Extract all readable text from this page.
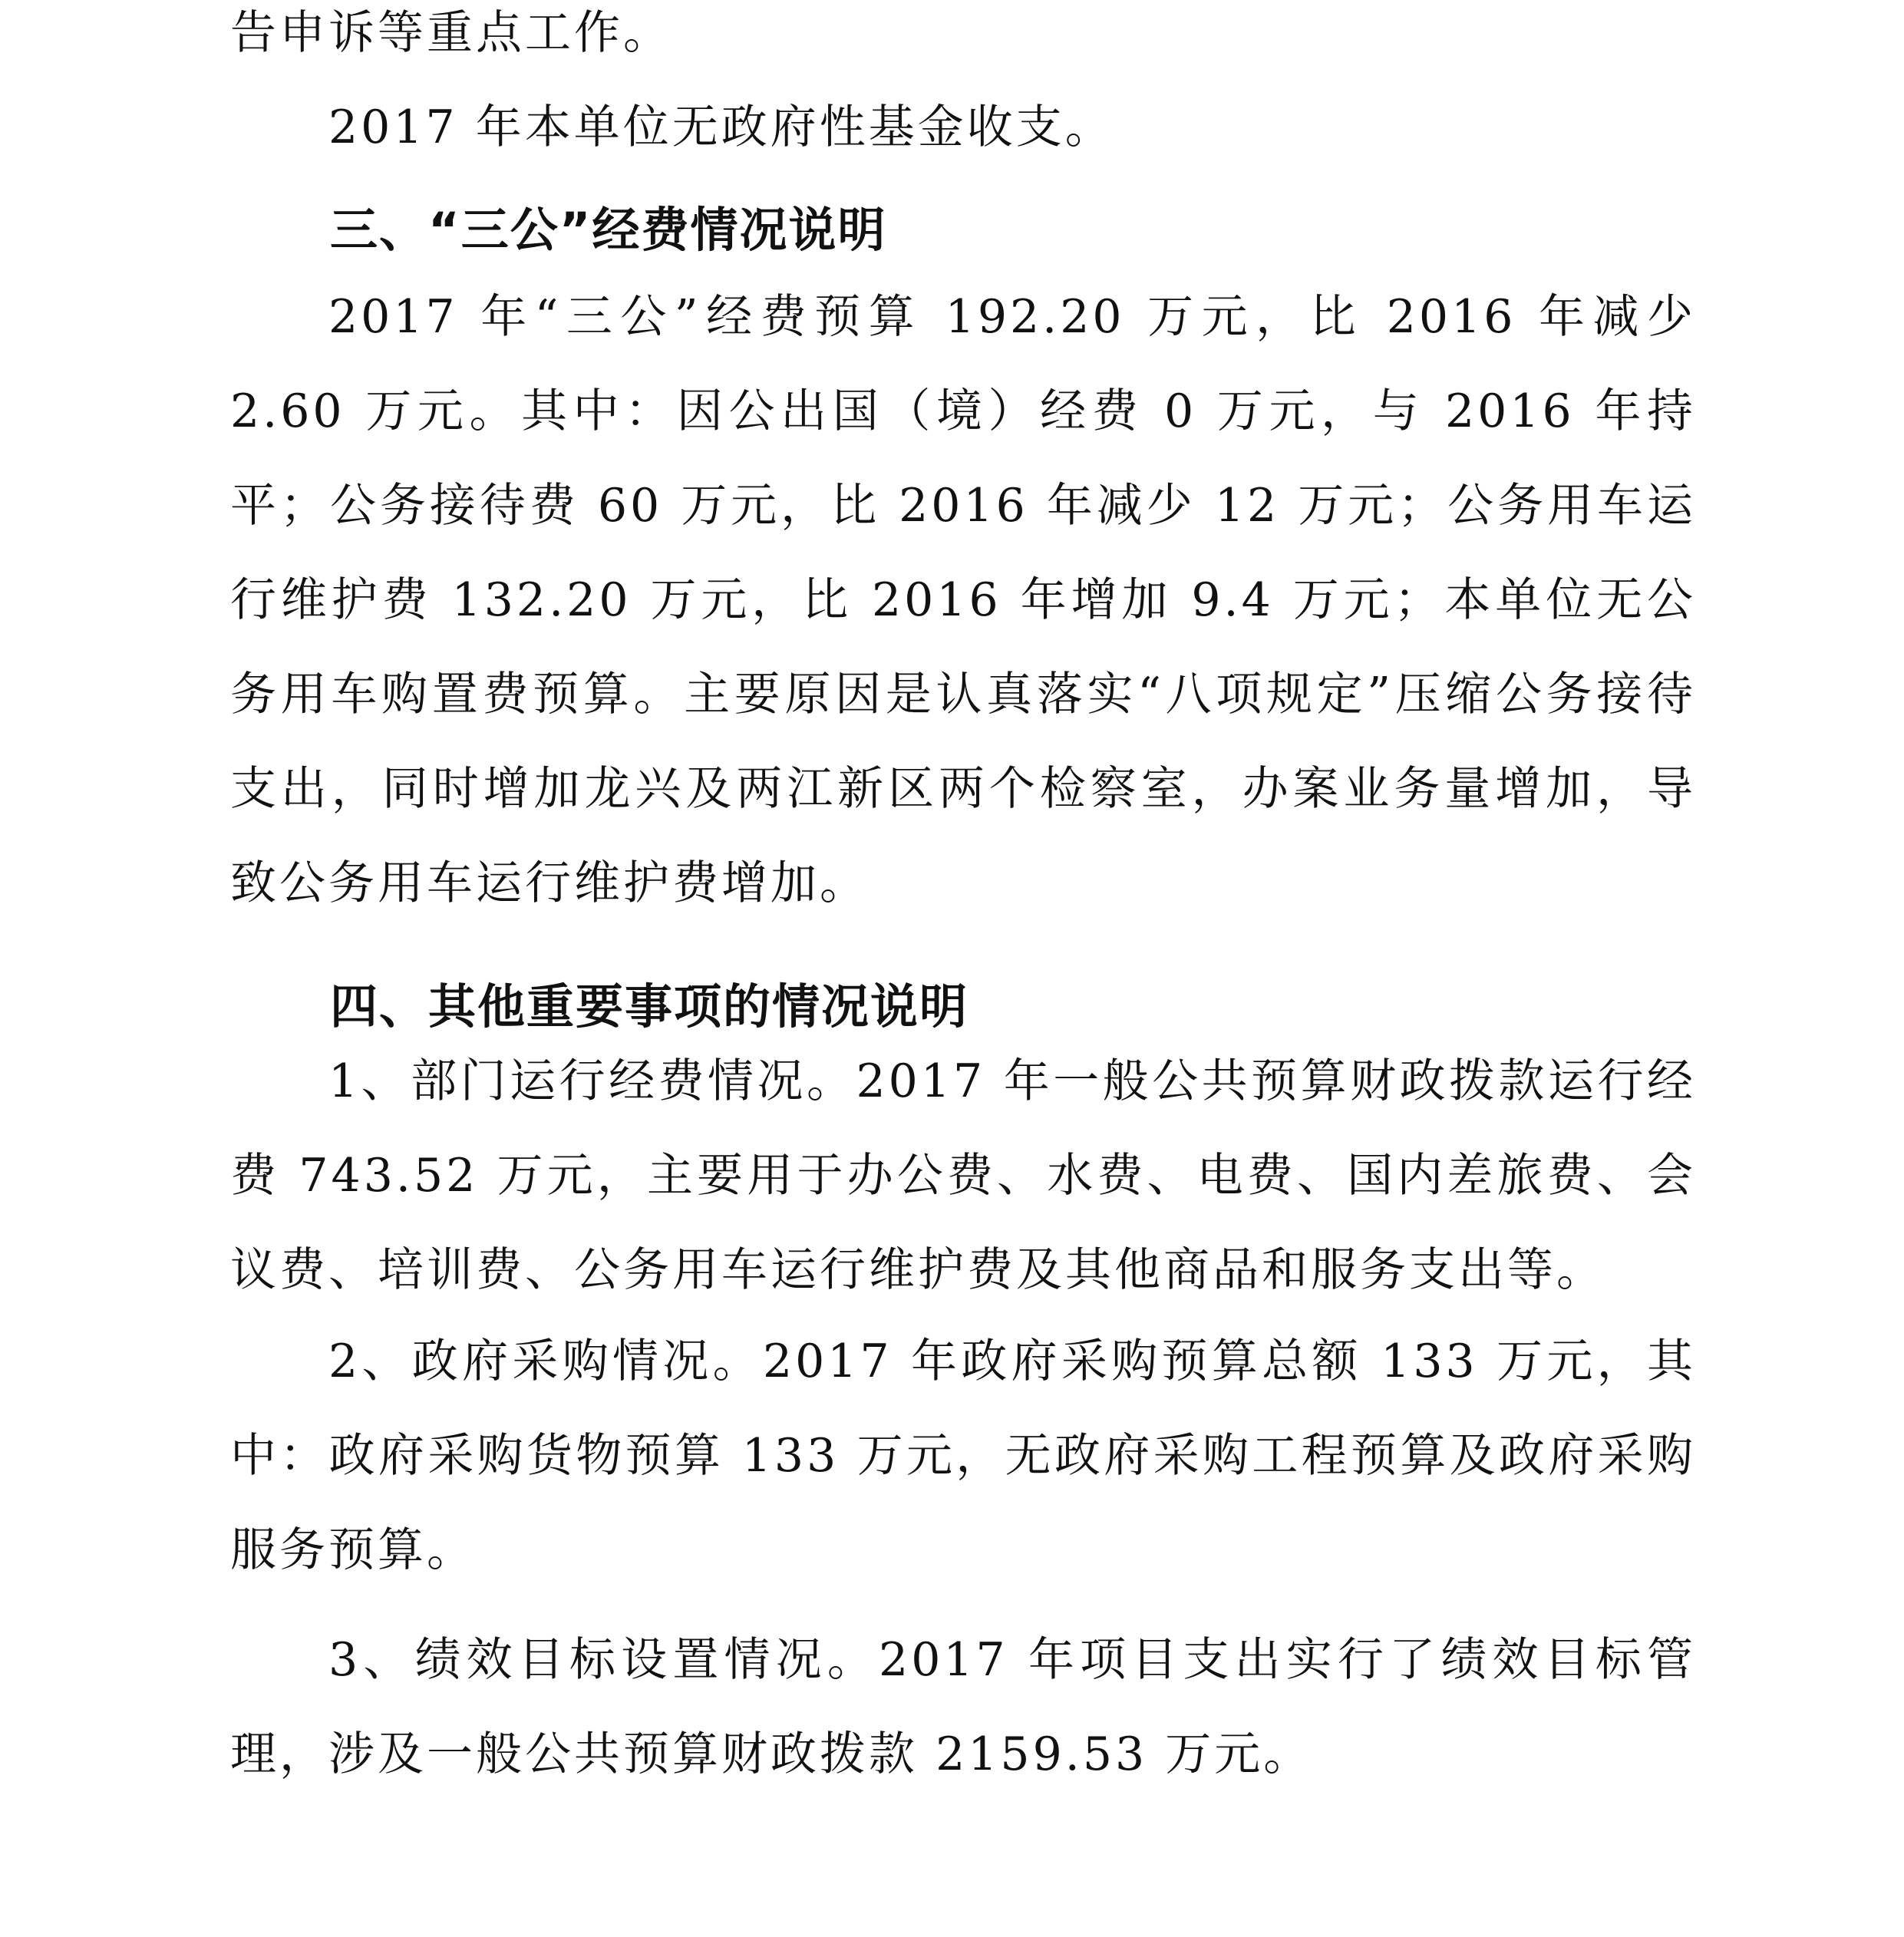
告申诉等重点工作。

2017 年本单位无政府性基金收支。

三、“三公”经费情况说明

2017 年“三公”经费预算 192.20 万元，比 2016 年减少 2.60 万元。其中：因公出国（境）经费 0 万元，与 2016 年持平；公务接待费 60 万元，比 2016 年减少 12 万元；公务用车运行维护费 132.20 万元，比 2016 年增加 9.4 万元；本单位无公务用车购置费预算。主要原因是认真落实“八项规定”压缩公务接待支出，同时增加龙兴及两江新区两个检察室，办案业务量增加，导致公务用车运行维护费增加。

四、其他重要事项的情况说明

1、部门运行经费情况。2017 年一般公共预算财政拨款运行经费 743.52 万元，主要用于办公费、水费、电费、国内差旅费、会议费、培训费、公务用车运行维护费及其他商品和服务支出等。

2、政府采购情况。2017 年政府采购预算总额 133 万元，其中：政府采购货物预算 133 万元，无政府采购工程预算及政府采购服务预算。

3、绩效目标设置情况。2017 年项目支出实行了绩效目标管理，涉及一般公共预算财政拨款 2159.53 万元。
